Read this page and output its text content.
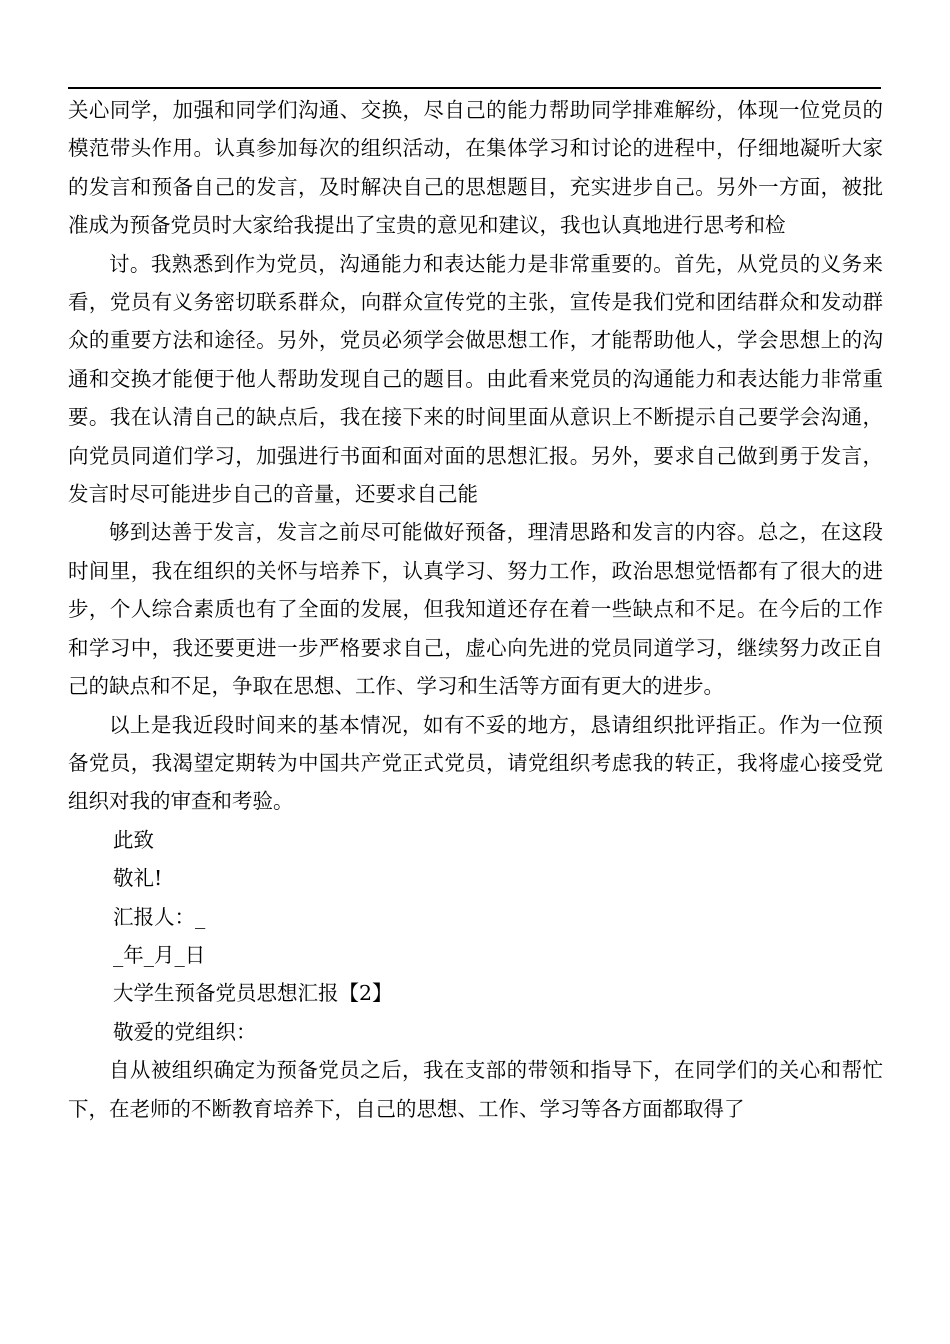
关心同学，加强和同学们沟通、交换，尽自己的能力帮助同学排难解纷，体现一位党员的模范带头作用。认真参加每次的组织活动，在集体学习和讨论的进程中，仔细地凝听大家的发言和预备自己的发言，及时解决自己的思想题目，充实进步自己。另外一方面，被批准成为预备党员时大家给我提出了宝贵的意见和建议，我也认真地进行思考和检

讨。我熟悉到作为党员，沟通能力和表达能力是非常重要的。首先，从党员的义务来看，党员有义务密切联系群众，向群众宣传党的主张，宣传是我们党和团结群众和发动群众的重要方法和途径。另外，党员必须学会做思想工作，才能帮助他人，学会思想上的沟通和交换才能便于他人帮助发现自己的题目。由此看来党员的沟通能力和表达能力非常重要。我在认清自己的缺点后，我在接下来的时间里面从意识上不断提示自己要学会沟通，向党员同道们学习，加强进行书面和面对面的思想汇报。另外，要求自己做到勇于发言，发言时尽可能进步自己的音量，还要求自己能

够到达善于发言，发言之前尽可能做好预备，理清思路和发言的内容。总之，在这段时间里，我在组织的关怀与培养下，认真学习、努力工作，政治思想觉悟都有了很大的进步，个人综合素质也有了全面的发展，但我知道还存在着一些缺点和不足。在今后的工作和学习中，我还要更进一步严格要求自己，虚心向先进的党员同道学习，继续努力改正自己的缺点和不足，争取在思想、工作、学习和生活等方面有更大的进步。

以上是我近段时间来的基本情况，如有不妥的地方，恳请组织批评指正。作为一位预备党员，我渴望定期转为中国共产党正式党员，请党组织考虑我的转正，我将虚心接受党组织对我的审查和考验。

此致

敬礼!

汇报人：_

_年_月_日

大学生预备党员思想汇报【2】

敬爱的党组织：

自从被组织确定为预备党员之后，我在支部的带领和指导下，在同学们的关心和帮忙下，在老师的不断教育培养下，自己的思想、工作、学习等各方面都取得了
